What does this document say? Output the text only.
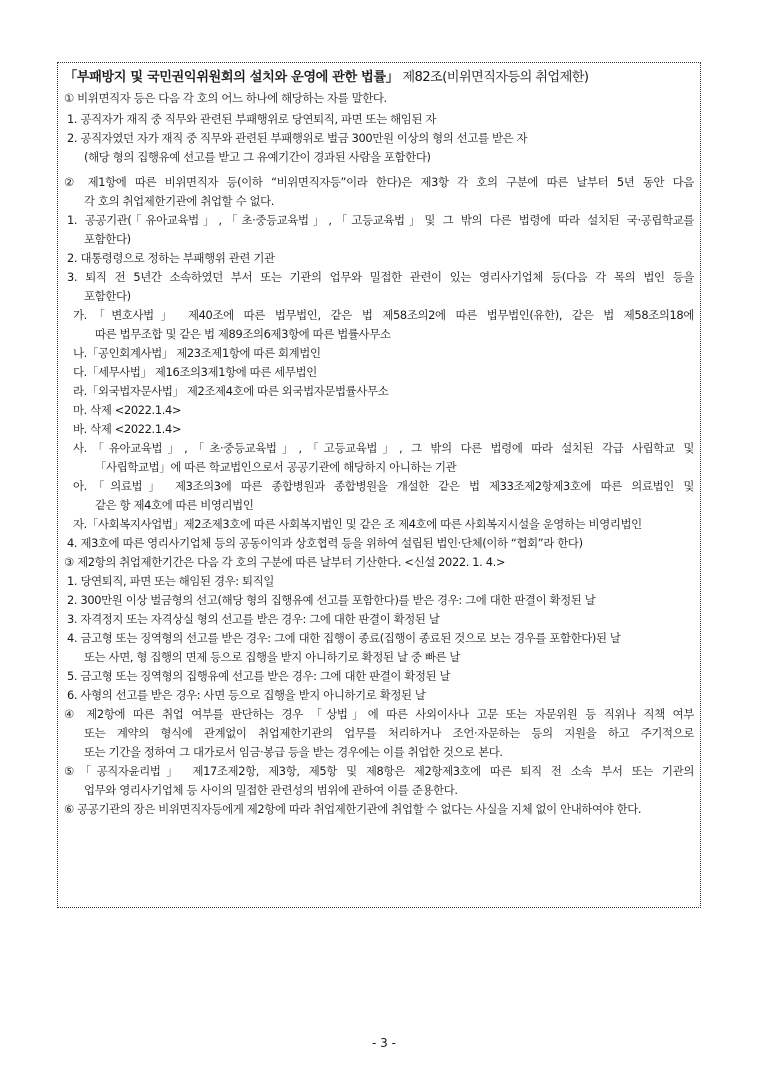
「부패방지 및 국민권익위원회의 설치와 운영에 관한 법률」 제82조(비위면직자등의 취업제한)

① 비위면직자 등은 다음 각 호의 어느 하나에 해당하는 자를 말한다.

1. 공직자가 재직 중 직무와 관련된 부패행위로 당연퇴직, 파면 또는 해임된 자

2. 공직자였던 자가 재직 중 직무와 관련된 부패행위로 벌금 300만원 이상의 형의 선고를 받은 자

(해당 형의 집행유예 선고를 받고 그 유예기간이 경과된 사람을 포함한다)

② 제1항에 따른 비위면직자 등(이하 “비위면직자등”이라 한다)은 제3항 각 호의 구분에 따른 날부터 5년 동안 다음

각 호의 취업제한기관에 취업할 수 없다.

1. 공공기관(「유아교육법」,「초·중등교육법」,「고등교육법」및 그 밖의 다른 법령에 따라 설치된 국·공립학교를

포함한다)

2. 대통령령으로 정하는 부패행위 관련 기관

3. 퇴직 전 5년간 소속하였던 부서 또는 기관의 업무와 밀접한 관련이 있는 영리사기업체 등(다음 각 목의 법인 등을

포함한다)

가.「변호사법」 제40조에 따른 법무법인, 같은 법 제58조의2에 따른 법무법인(유한), 같은 법 제58조의18에

따른 법무조합 및 같은 법 제89조의6제3항에 따른 법률사무소

나.「공인회계사법」 제23조제1항에 따른 회계법인

다.「세무사법」 제16조의3제1항에 따른 세무법인

라.「외국법자문사법」 제2조제4호에 따른 외국법자문법률사무소

마. 삭제 <2022.1.4>

바. 삭제 <2022.1.4>

사.「유아교육법」,「초·중등교육법」,「고등교육법」, 그 밖의 다른 법령에 따라 설치된 각급 사립학교 및

「사립학교법」에 따른 학교법인으로서 공공기관에 해당하지 아니하는 기관

아.「의료법」 제3조의3에 따른 종합병원과 종합병원을 개설한 같은 법 제33조제2항제3호에 따른 의료법인 및

같은 항 제4호에 따른 비영리법인

자.「사회복지사업법」제2조제3호에 따른 사회복지법인 및 같은 조 제4호에 따른 사회복지시설을 운영하는 비영리법인

4. 제3호에 따른 영리사기업체 등의 공동이익과 상호협력 등을 위하여 설립된 법인·단체(이하 “협회”라 한다)

③ 제2항의 취업제한기간은 다음 각 호의 구분에 따른 날부터 기산한다. <신설 2022. 1. 4.>

1. 당연퇴직, 파면 또는 해임된 경우: 퇴직일

2. 300만원 이상 벌금형의 선고(해당 형의 집행유예 선고를 포함한다)를 받은 경우: 그에 대한 판결이 확정된 날

3. 자격정지 또는 자격상실 형의 선고를 받은 경우: 그에 대한 판결이 확정된 날

4. 금고형 또는 징역형의 선고를 받은 경우: 그에 대한 집행이 종료(집행이 종료된 것으로 보는 경우를 포함한다)된 날

또는 사면, 형 집행의 면제 등으로 집행을 받지 아니하기로 확정된 날 중 빠른 날

5. 금고형 또는 징역형의 집행유예 선고를 받은 경우: 그에 대한 판결이 확정된 날

6. 사형의 선고를 받은 경우: 사면 등으로 집행을 받지 아니하기로 확정된 날

④ 제2항에 따른 취업 여부를 판단하는 경우 「상법」에 따른 사외이사나 고문 또는 자문위원 등 직위나 직책 여부

또는 계약의 형식에 관계없이 취업제한기관의 업무를 처리하거나 조언·자문하는 등의 지원을 하고 주기적으로

또는 기간을 정하여 그 대가로서 임금·봉급 등을 받는 경우에는 이를 취업한 것으로 본다.

⑤「공직자윤리법」 제17조제2항, 제3항, 제5항 및 제8항은 제2항제3호에 따른 퇴직 전 소속 부서 또는 기관의

업무와 영리사기업체 등 사이의 밀접한 관련성의 범위에 관하여 이를 준용한다.

⑥ 공공기관의 장은 비위면직자등에게 제2항에 따라 취업제한기관에 취업할 수 없다는 사실을 지체 없이 안내하여야 한다.

- 3 -
